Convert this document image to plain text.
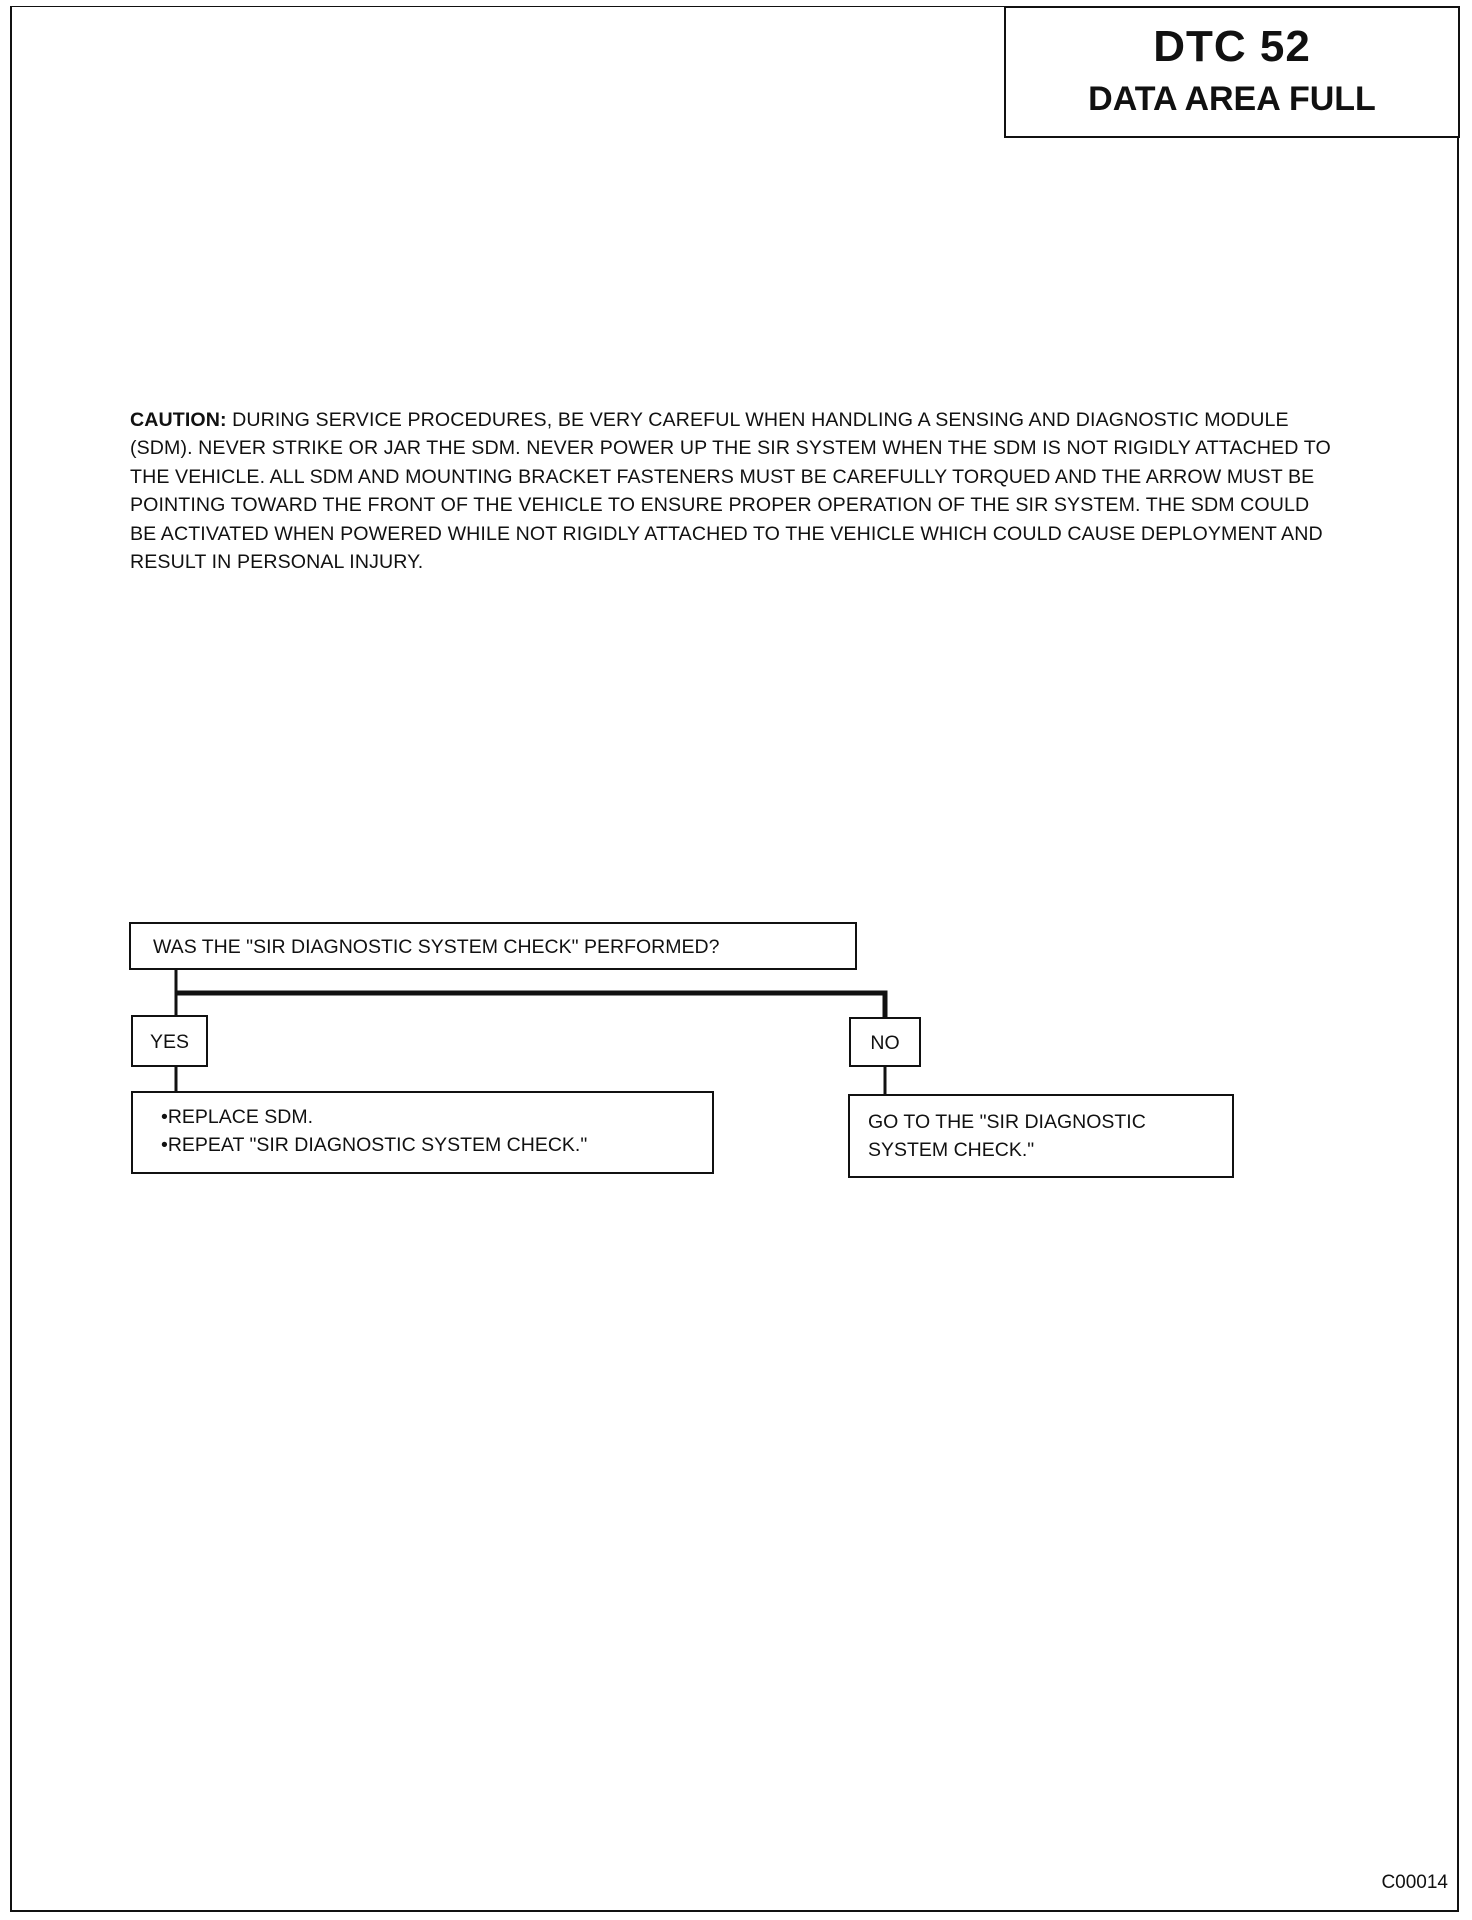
DTC 52
DATA AREA FULL
CAUTION: DURING SERVICE PROCEDURES, BE VERY CAREFUL WHEN HANDLING A SENSING AND DIAGNOSTIC MODULE (SDM). NEVER STRIKE OR JAR THE SDM. NEVER POWER UP THE SIR SYSTEM WHEN THE SDM IS NOT RIGIDLY ATTACHED TO THE VEHICLE. ALL SDM AND MOUNTING BRACKET FASTENERS MUST BE CAREFULLY TORQUED AND THE ARROW MUST BE POINTING TOWARD THE FRONT OF THE VEHICLE TO ENSURE PROPER OPERATION OF THE SIR SYSTEM. THE SDM COULD BE ACTIVATED WHEN POWERED WHILE NOT RIGIDLY ATTACHED TO THE VEHICLE WHICH COULD CAUSE DEPLOYMENT AND RESULT IN PERSONAL INJURY.
WAS THE "SIR DIAGNOSTIC SYSTEM CHECK" PERFORMED?
YES	NO
•REPLACE SDM.
•REPEAT "SIR DIAGNOSTIC SYSTEM CHECK."
GO TO THE "SIR DIAGNOSTIC
SYSTEM CHECK."
C00014
